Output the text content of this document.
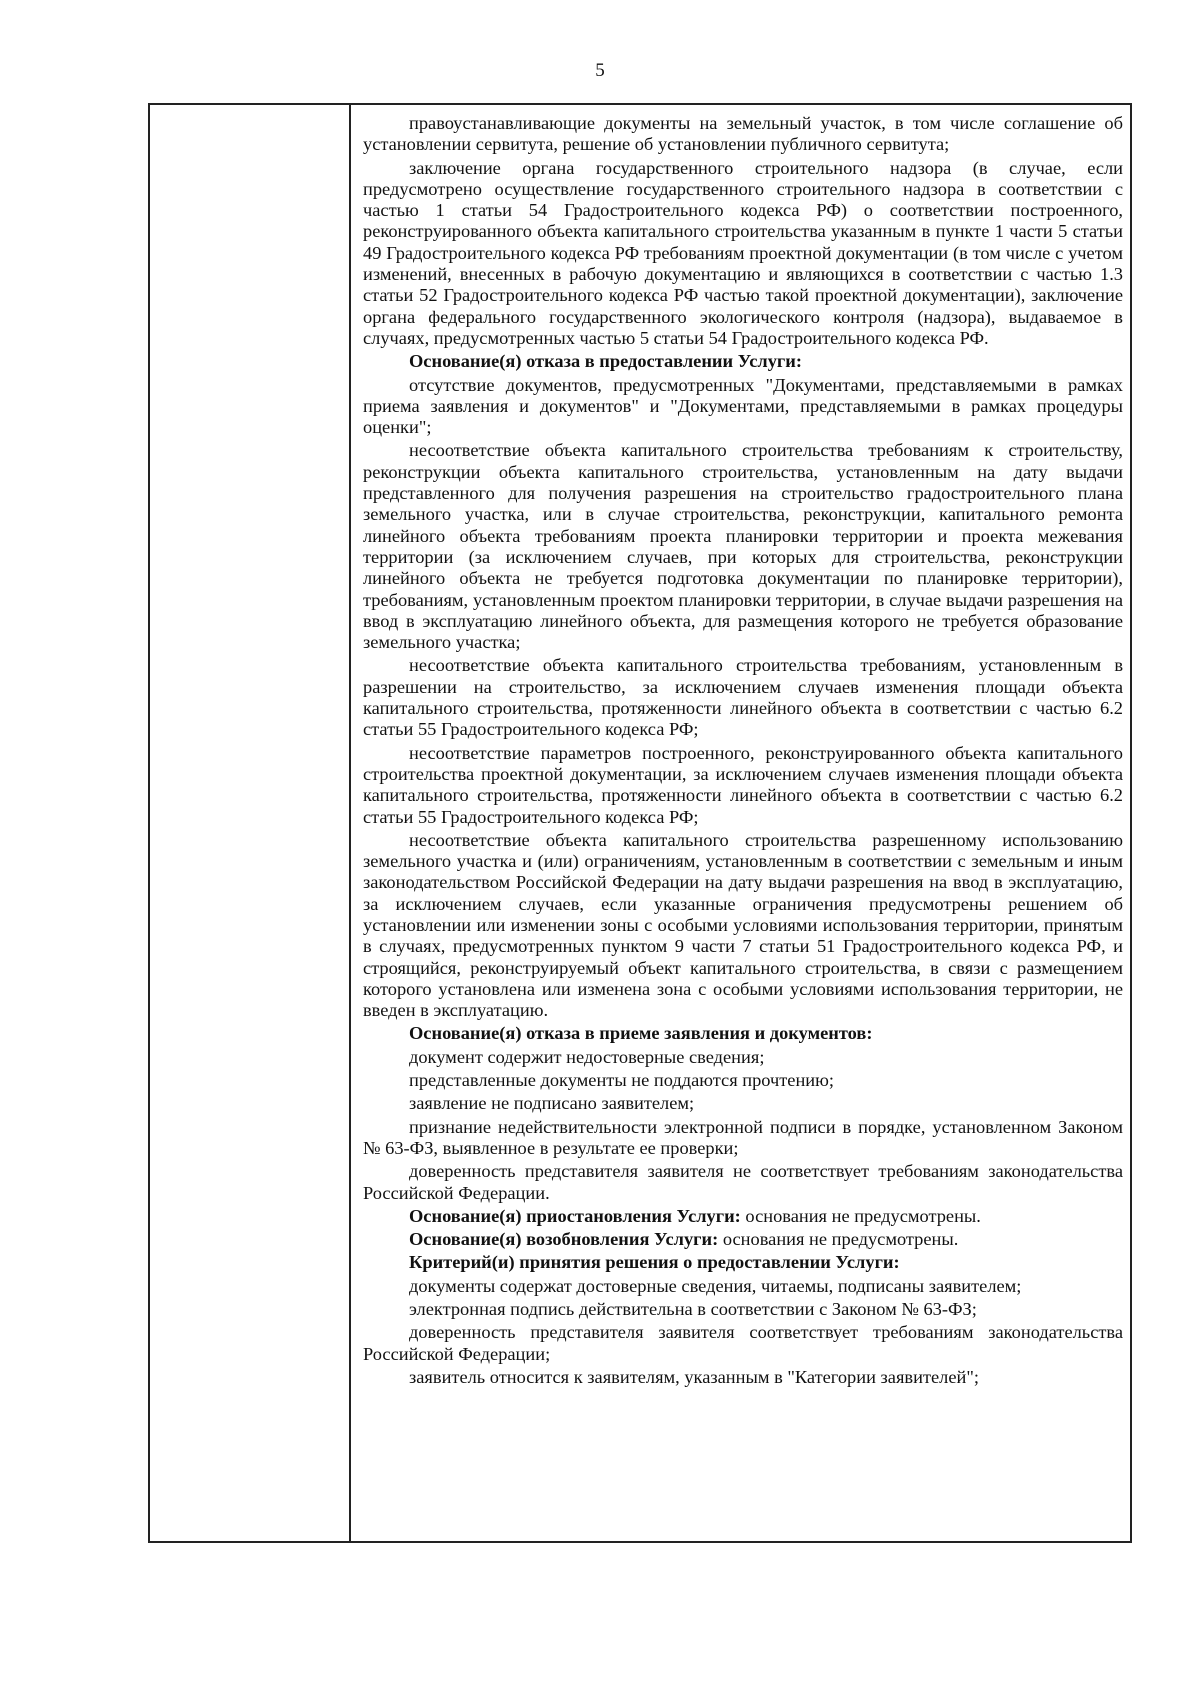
5

правоустанавливающие документы на земельный участок, в том числе соглашение об установлении сервитута, решение об установлении публичного сервитута;

заключение органа государственного строительного надзора (в случае, если предусмотрено осуществление государственного строительного надзора в соответствии с частью 1 статьи 54 Градостроительного кодекса РФ) о соответствии построенного, реконструированного объекта капитального строительства указанным в пункте 1 части 5 статьи 49 Градостроительного кодекса РФ требованиям проектной документации (в том числе с учетом изменений, внесенных в рабочую документацию и являющихся в соответствии с частью 1.3 статьи 52 Градостроительного кодекса РФ частью такой проектной документации), заключение органа федерального государственного экологического контроля (надзора), выдаваемое в случаях, предусмотренных частью 5 статьи 54 Градостроительного кодекса РФ.

Основание(я) отказа в предоставлении Услуги:

отсутствие документов, предусмотренных "Документами, представляемыми в рамках приема заявления и документов" и "Документами, представляемыми в рамках процедуры оценки";

несоответствие объекта капитального строительства требованиям к строительству, реконструкции объекта капитального строительства, установленным на дату выдачи представленного для получения разрешения на строительство градостроительного плана земельного участка, или в случае строительства, реконструкции, капитального ремонта линейного объекта требованиям проекта планировки территории и проекта межевания территории (за исключением случаев, при которых для строительства, реконструкции линейного объекта не требуется подготовка документации по планировке территории), требованиям, установленным проектом планировки территории, в случае выдачи разрешения на ввод в эксплуатацию линейного объекта, для размещения которого не требуется образование земельного участка;

несоответствие объекта капитального строительства требованиям, установленным в разрешении на строительство, за исключением случаев изменения площади объекта капитального строительства, протяженности линейного объекта в соответствии с частью 6.2 статьи 55 Градостроительного кодекса РФ;

несоответствие параметров построенного, реконструированного объекта капитального строительства проектной документации, за исключением случаев изменения площади объекта капитального строительства, протяженности линейного объекта в соответствии с частью 6.2 статьи 55 Градостроительного кодекса РФ;

несоответствие объекта капитального строительства разрешенному использованию земельного участка и (или) ограничениям, установленным в соответствии с земельным и иным законодательством Российской Федерации на дату выдачи разрешения на ввод в эксплуатацию, за исключением случаев, если указанные ограничения предусмотрены решением об установлении или изменении зоны с особыми условиями использования территории, принятым в случаях, предусмотренных пунктом 9 части 7 статьи 51 Градостроительного кодекса РФ, и строящийся, реконструируемый объект капитального строительства, в связи с размещением которого установлена или изменена зона с особыми условиями использования территории, не введен в эксплуатацию.

Основание(я) отказа в приеме заявления и документов:

документ содержит недостоверные сведения;

представленные документы не поддаются прочтению;

заявление не подписано заявителем;

признание недействительности электронной подписи в порядке, установленном Законом № 63-ФЗ, выявленное в результате ее проверки;

доверенность представителя заявителя не соответствует требованиям законодательства Российской Федерации.

Основание(я) приостановления Услуги: основания не предусмотрены.

Основание(я) возобновления Услуги: основания не предусмотрены.

Критерий(и) принятия решения о предоставлении Услуги:

документы содержат достоверные сведения, читаемы, подписаны заявителем;

электронная подпись действительна в соответствии с Законом № 63-ФЗ;

доверенность представителя заявителя соответствует требованиям законодательства Российской Федерации;

заявитель относится к заявителям, указанным в "Категории заявителей";
